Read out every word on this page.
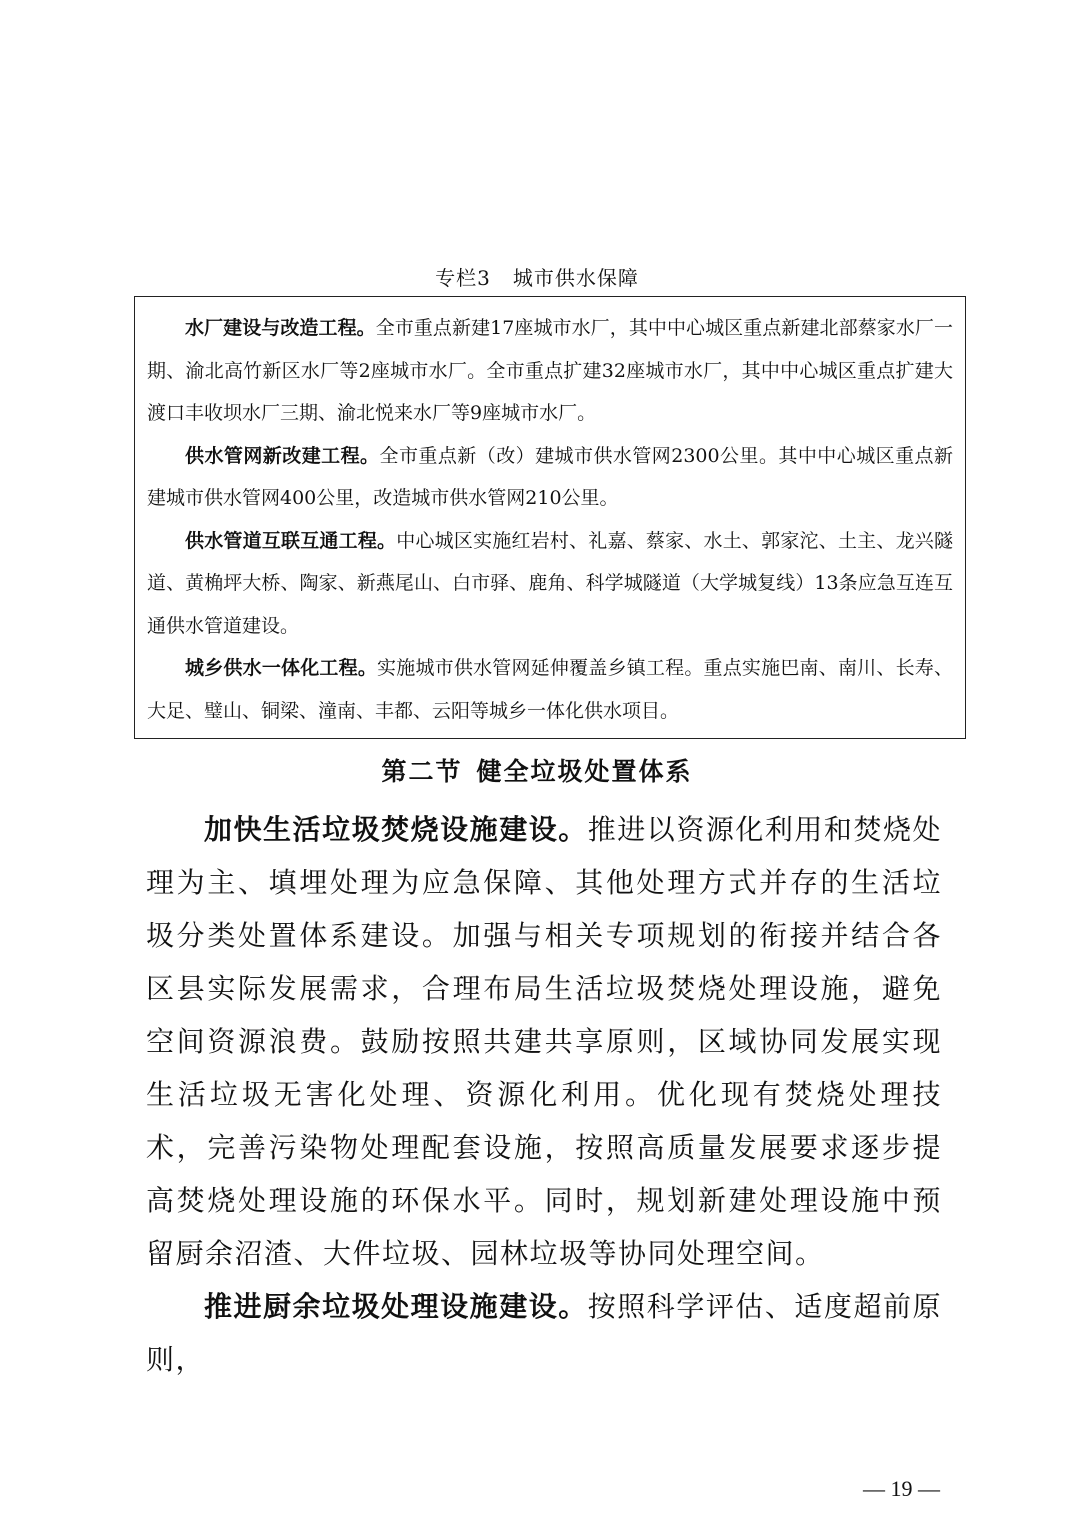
专栏3 城市供水保障

水厂建设与改造工程。全市重点新建17座城市水厂，其中中心城区重点新建北部蔡家水厂一期、渝北高竹新区水厂等2座城市水厂。全市重点扩建32座城市水厂，其中中心城区重点扩建大渡口丰收坝水厂三期、渝北悦来水厂等9座城市水厂。

供水管网新改建工程。全市重点新（改）建城市供水管网2300公里。其中中心城区重点新建城市供水管网400公里，改造城市供水管网210公里。

供水管道互联互通工程。中心城区实施红岩村、礼嘉、蔡家、水土、郭家沱、土主、龙兴隧道、黄桷坪大桥、陶家、新燕尾山、白市驿、鹿角、科学城隧道（大学城复线）13条应急互连互通供水管道建设。

城乡供水一体化工程。实施城市供水管网延伸覆盖乡镇工程。重点实施巴南、南川、长寿、大足、璧山、铜梁、潼南、丰都、云阳等城乡一体化供水项目。

第二节 健全垃圾处置体系

加快生活垃圾焚烧设施建设。推进以资源化利用和焚烧处理为主、填埋处理为应急保障、其他处理方式并存的生活垃圾分类处置体系建设。加强与相关专项规划的衔接并结合各区县实际发展需求，合理布局生活垃圾焚烧处理设施，避免空间资源浪费。鼓励按照共建共享原则，区域协同发展实现生活垃圾无害化处理、资源化利用。优化现有焚烧处理技术，完善污染物处理配套设施，按照高质量发展要求逐步提高焚烧处理设施的环保水平。同时，规划新建处理设施中预留厨余沼渣、大件垃圾、园林垃圾等协同处理空间。

推进厨余垃圾处理设施建设。按照科学评估、适度超前原则，

— 19 —
